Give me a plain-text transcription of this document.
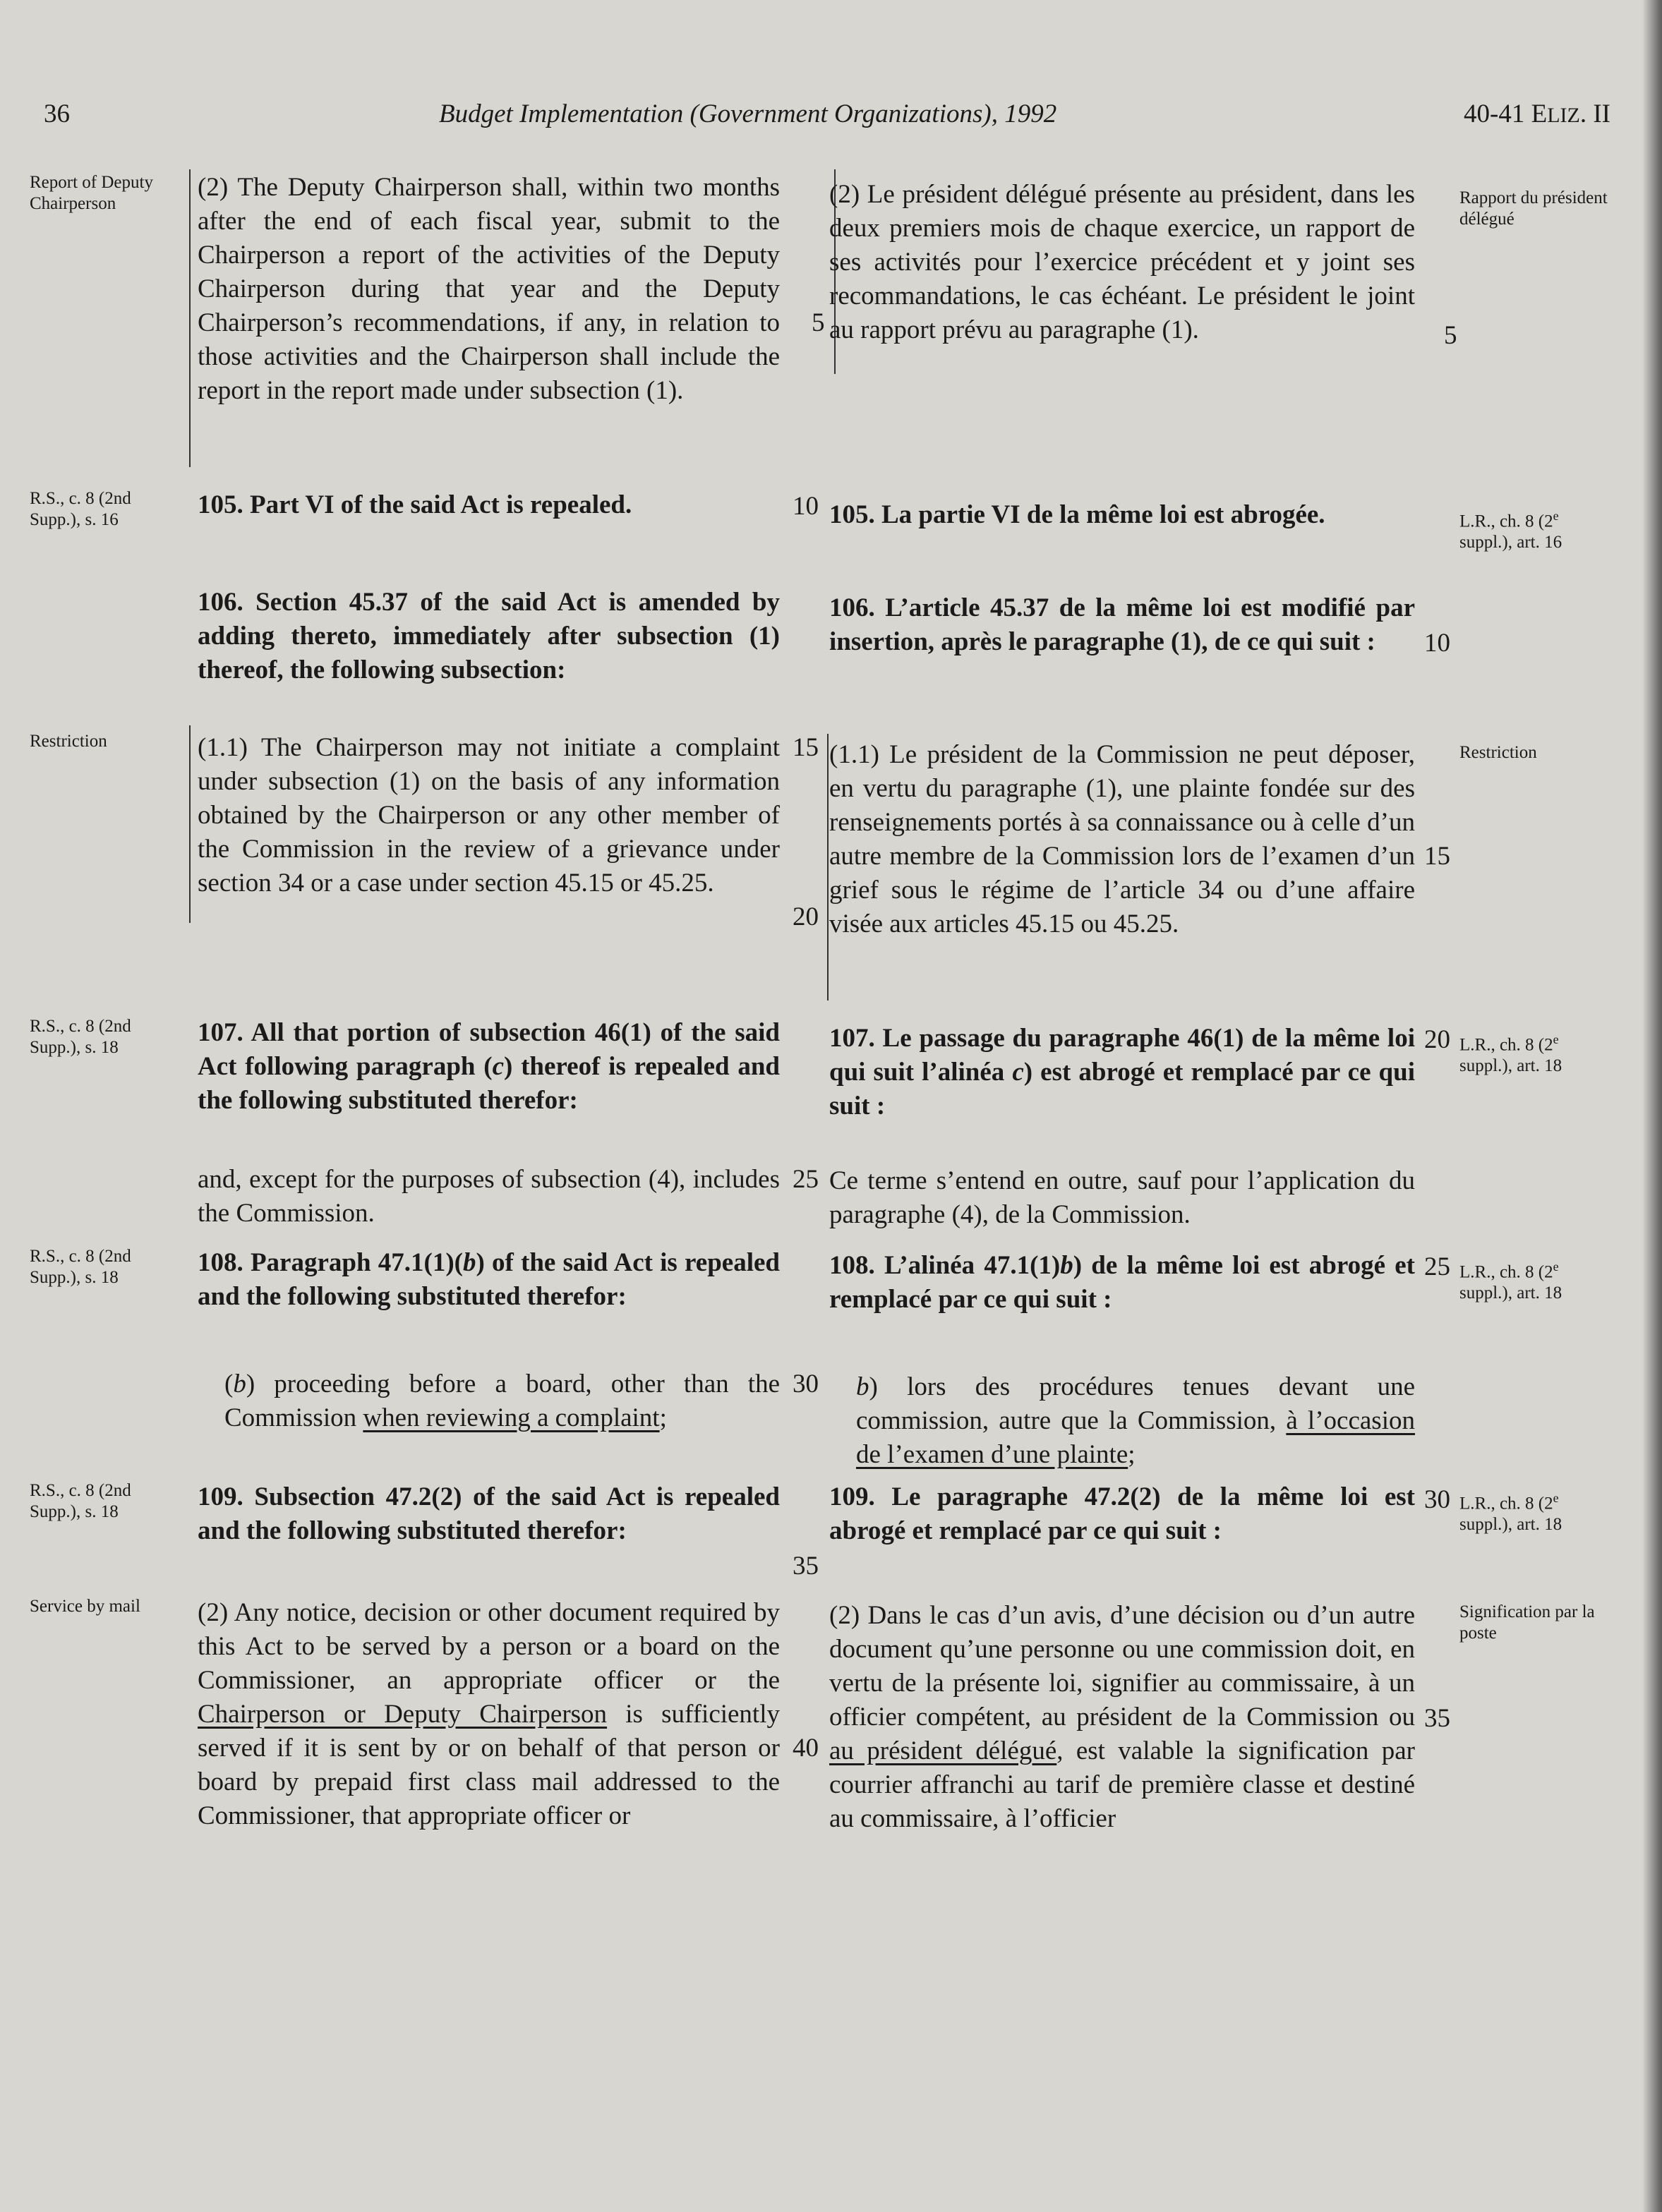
36	Budget Implementation (Government Organizations), 1992	40-41 ELIZ. II
Report of Deputy Chairperson
R.S., c. 8 (2nd Supp.), s. 16
Restriction
R.S., c. 8 (2nd Supp.), s. 18
R.S., c. 8 (2nd Supp.), s. 18
R.S., c. 8 (2nd Supp.), s. 18
Service by mail
Rapport du président délégué
L.R., ch. 8 (2e
suppl.), art. 16
Restriction
L.R., ch. 8 (2e
suppl.), art. 18
L.R., ch. 8 (2e
suppl.), art. 18
L.R., ch. 8 (2e
suppl.), art. 18
Signification par la poste
(2) The Deputy Chairperson shall, within two months after the end of each fiscal year, submit to the Chairperson a report of the activities of the Deputy Chairperson during that year and the Deputy Chairperson’s recommendations, if any, in relation to those activities and the Chairperson shall include the report in the report made under subsection (1).
105. Part VI of the said Act is repealed.
106. Section 45.37 of the said Act is amended by adding thereto, immediately after subsection (1) thereof, the following subsection:
(1.1) The Chairperson may not initiate a complaint under subsection (1) on the basis of any information obtained by the Chairperson or any other member of the Commission in the review of a grievance under section 34 or a case under section 45.15 or 45.25.
107. All that portion of subsection 46(1) of the said Act following paragraph (c) thereof is repealed and the following substituted therefor:
and, except for the purposes of subsection (4), includes the Commission.
108. Paragraph 47.1(1)(b) of the said Act is repealed and the following substituted therefor:
(b) proceeding before a board, other than the Commission when reviewing a complaint;
109. Subsection 47.2(2) of the said Act is repealed and the following substituted therefor:
(2) Any notice, decision or other document required by this Act to be served by a person or a board on the Commissioner, an appropriate officer or the Chairperson or Deputy Chairperson is sufficiently served if it is sent by or on behalf of that person or board by prepaid first class mail addressed to the Commissioner, that appropriate officer or
(2) Le président délégué présente au président, dans les deux premiers mois de chaque exercice, un rapport de ses activités pour l’exercice précédent et y joint ses recommandations, le cas échéant. Le président le joint au rapport prévu au paragraphe (1).
105. La partie VI de la même loi est abrogée.
106. L’article 45.37 de la même loi est modifié par insertion, après le paragraphe (1), de ce qui suit :
(1.1) Le président de la Commission ne peut déposer, en vertu du paragraphe (1), une plainte fondée sur des renseignements portés à sa connaissance ou à celle d’un autre membre de la Commission lors de l’examen d’un grief sous le régime de l’article 34 ou d’une affaire visée aux articles 45.15 ou 45.25.
107. Le passage du paragraphe 46(1) de la même loi qui suit l’alinéa c) est abrogé et remplacé par ce qui suit :
Ce terme s’entend en outre, sauf pour l’application du paragraphe (4), de la Commission.
108. L’alinéa 47.1(1)b) de la même loi est abrogé et remplacé par ce qui suit :
b) lors des procédures tenues devant une commission, autre que la Commission, à l’occasion de l’examen d’une plainte;
109. Le paragraphe 47.2(2) de la même loi est abrogé et remplacé par ce qui suit :
(2) Dans le cas d’un avis, d’une décision ou d’un autre document qu’une personne ou une commission doit, en vertu de la présente loi, signifier au commissaire, à un officier compétent, au président de la Commission ou au président délégué, est valable la signification par courrier affranchi au tarif de première classe et destiné au commissaire, à l’officier
5
10
15
20
25
30
35
40
5
10
15
20
25
30
35
